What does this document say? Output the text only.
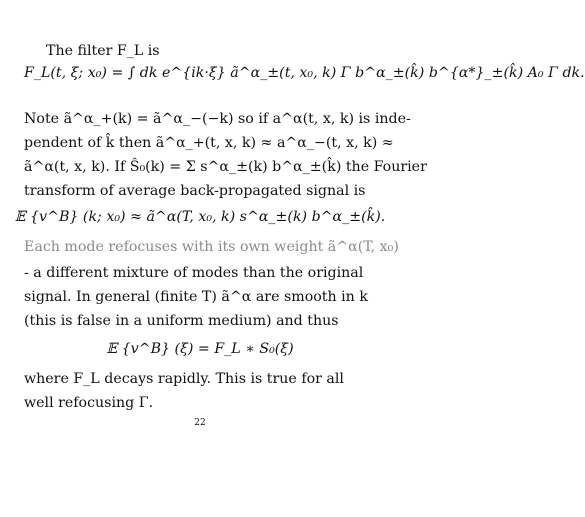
The filter F_L is
F_L(t, ξ; x₀) = ∫ dk e^{ik·ξ} ã^α_±(t, x₀, k) Γ b^α_±(k̂) b^{α*}_±(k̂) A₀ Γ dk.
Note ã^α_+(k) = ã^α_−(−k) so if a^α(t, x, k) is inde-
pendent of k̂ then ã^α_+(t, x, k) ≈ a^α_−(t, x, k) ≈
ã^α(t, x, k). If Ŝ₀(k) = Σ s^α_±(k) b^α_±(k̂) the Fourier
transform of average back-propagated signal is
𝔼 {v^B} (k; x₀) ≈ ã^α(T, x₀, k) s^α_±(k) b^α_±(k̂).
Each mode refocuses with its own weight ã^α(T, x₀)
- a different mixture of modes than the original
signal. In general (finite T) ã^α are smooth in k
(this is false in a uniform medium) and thus
𝔼 {v^B} (ξ) = F_L ∗ S₀(ξ)
where F_L decays rapidly. This is true for all
well refocusing Γ.
22
